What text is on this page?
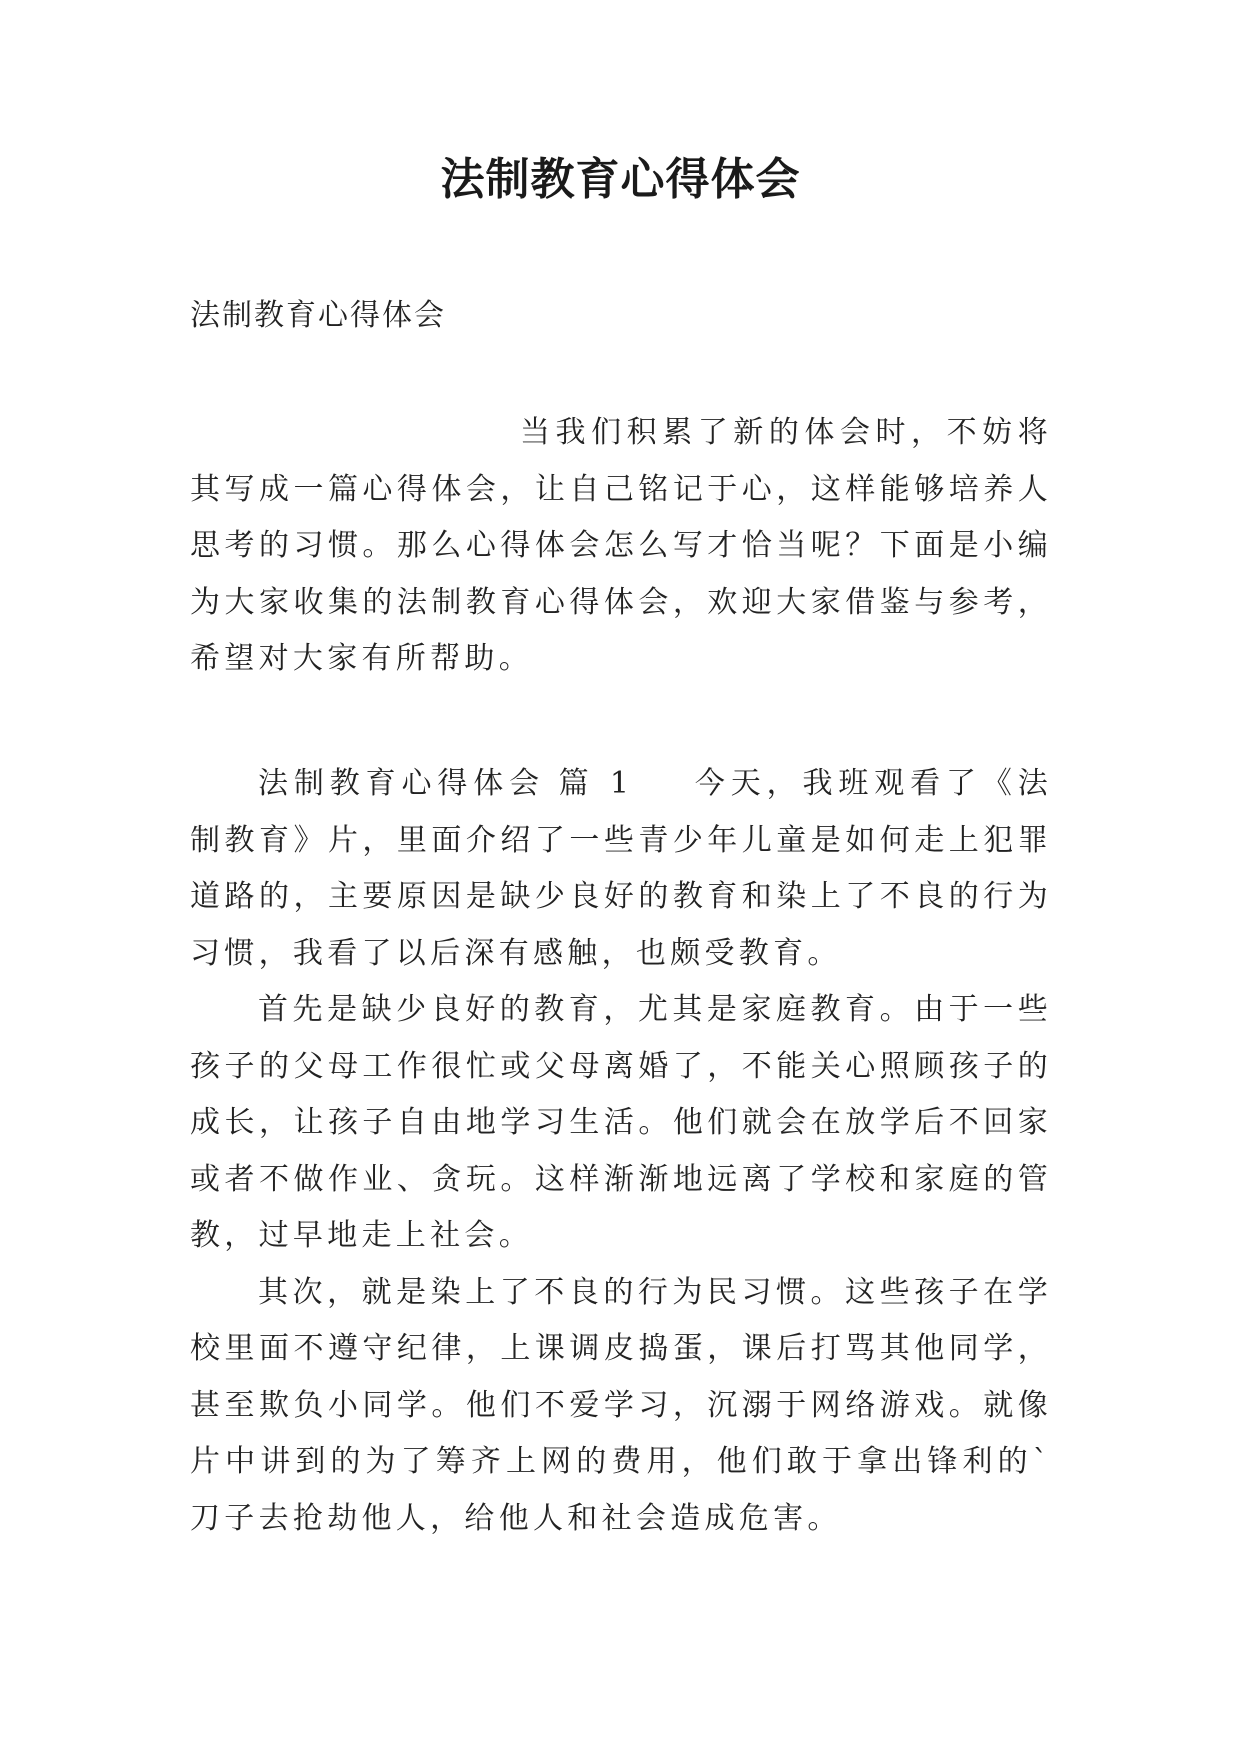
法制教育心得体会
法制教育心得体会
当我们积累了新的体会时，不妨将其写成一篇心得体会，让自己铭记于心，这样能够培养人思考的习惯。那么心得体会怎么写才恰当呢？下面是小编为大家收集的法制教育心得体会，欢迎大家借鉴与参考，希望对大家有所帮助。

法制教育心得体会 篇 1 今天，我班观看了《法制教育》片，里面介绍了一些青少年儿童是如何走上犯罪道路的，主要原因是缺少良好的教育和染上了不良的行为习惯，我看了以后深有感触，也颇受教育。

首先是缺少良好的教育，尤其是家庭教育。由于一些孩子的父母工作很忙或父母离婚了，不能关心照顾孩子的成长，让孩子自由地学习生活。他们就会在放学后不回家或者不做作业、贪玩。这样渐渐地远离了学校和家庭的管教，过早地走上社会。

其次，就是染上了不良的行为民习惯。这些孩子在学校里面不遵守纪律，上课调皮捣蛋，课后打骂其他同学，甚至欺负小同学。他们不爱学习，沉溺于网络游戏。就像片中讲到的为了筹齐上网的费用，他们敢于拿出锋利的`刀子去抢劫他人，给他人和社会造成危害。
